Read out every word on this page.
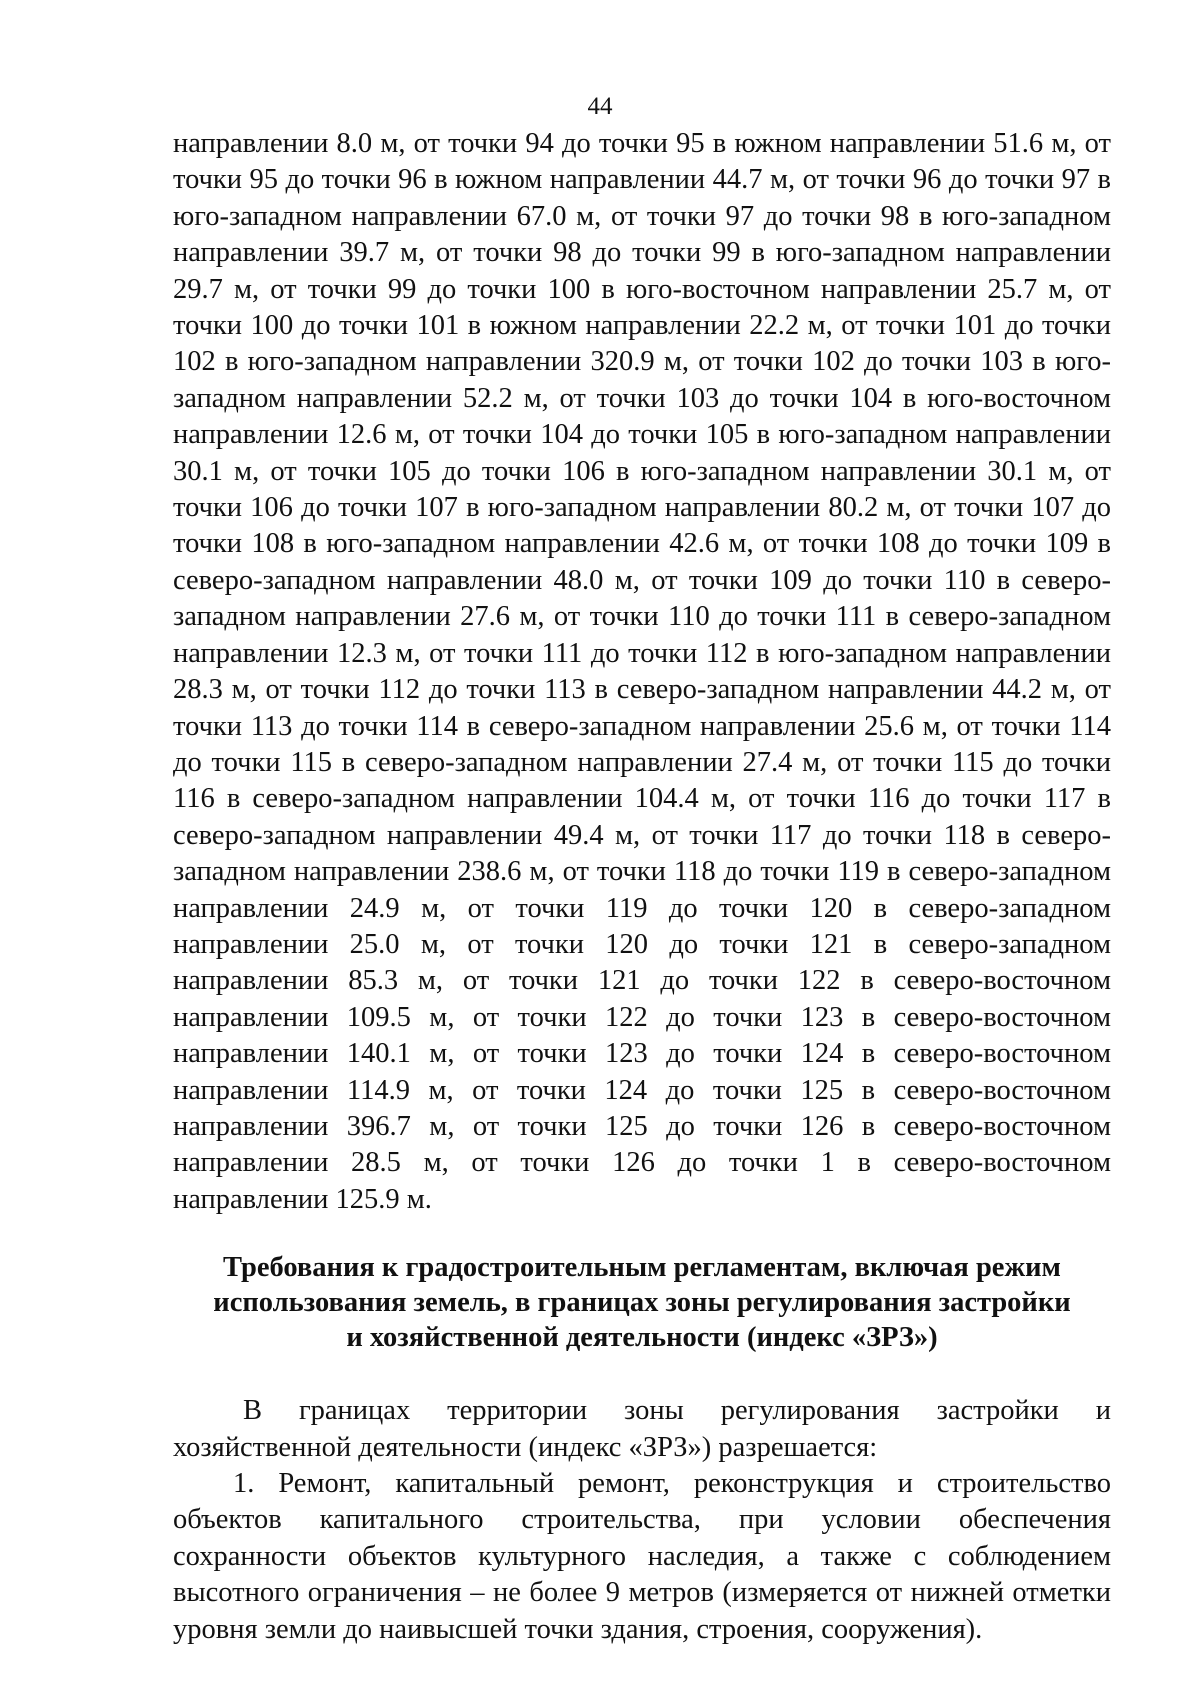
44

направлении 8.0 м, от точки 94 до точки 95 в южном направлении 51.6 м, от точки 95 до точки 96 в южном направлении 44.7 м, от точки 96 до точки 97 в юго-западном направлении 67.0 м, от точки 97 до точки 98 в юго-западном направлении 39.7 м, от точки 98 до точки 99 в юго-западном направлении 29.7 м, от точки 99 до точки 100 в юго-восточном направлении 25.7 м, от точки 100 до точки 101 в южном направлении 22.2 м, от точки 101 до точки 102 в юго-западном направлении 320.9 м, от точки 102 до точки 103 в юго-западном направлении 52.2 м, от точки 103 до точки 104 в юго-восточном направлении 12.6 м, от точки 104 до точки 105 в юго-западном направлении 30.1 м, от точки 105 до точки 106 в юго-западном направлении 30.1 м, от точки 106 до точки 107 в юго-западном направлении 80.2 м, от точки 107 до точки 108 в юго-западном направлении 42.6 м, от точки 108 до точки 109 в северо-западном направлении 48.0 м, от точки 109 до точки 110 в северо-западном направлении 27.6 м, от точки 110 до точки 111 в северо-западном направлении 12.3 м, от точки 111 до точки 112 в юго-западном направлении 28.3 м, от точки 112 до точки 113 в северо-западном направлении 44.2 м, от точки 113 до точки 114 в северо-западном направлении 25.6 м, от точки 114 до точки 115 в северо-западном направлении 27.4 м, от точки 115 до точки 116 в северо-западном направлении 104.4 м, от точки 116 до точки 117 в северо-западном направлении 49.4 м, от точки 117 до точки 118 в северо-западном направлении 238.6 м, от точки 118 до точки 119 в северо-западном направлении 24.9 м, от точки 119 до точки 120 в северо-западном направлении 25.0 м, от точки 120 до точки 121 в северо-западном направлении 85.3 м, от точки 121 до точки 122 в северо-восточном направлении 109.5 м, от точки 122 до точки 123 в северо-восточном направлении 140.1 м, от точки 123 до точки 124 в северо-восточном направлении 114.9 м, от точки 124 до точки 125 в северо-восточном направлении 396.7 м, от точки 125 до точки 126 в северо-восточном направлении 28.5 м, от точки 126 до точки 1 в северо-восточном направлении 125.9 м.

Требования к градостроительным регламентам, включая режим
использования земель, в границах зоны регулирования застройки
и хозяйственной деятельности (индекс «ЗРЗ»)

В границах территории зоны регулирования застройки и хозяйственной деятельности (индекс «ЗРЗ») разрешается:

1. Ремонт, капитальный ремонт, реконструкция и строительство объектов капитального строительства, при условии обеспечения сохранности объектов культурного наследия, а также с соблюдением высотного ограничения – не более 9 метров (измеряется от нижней отметки уровня земли до наивысшей точки здания, строения, сооружения).
